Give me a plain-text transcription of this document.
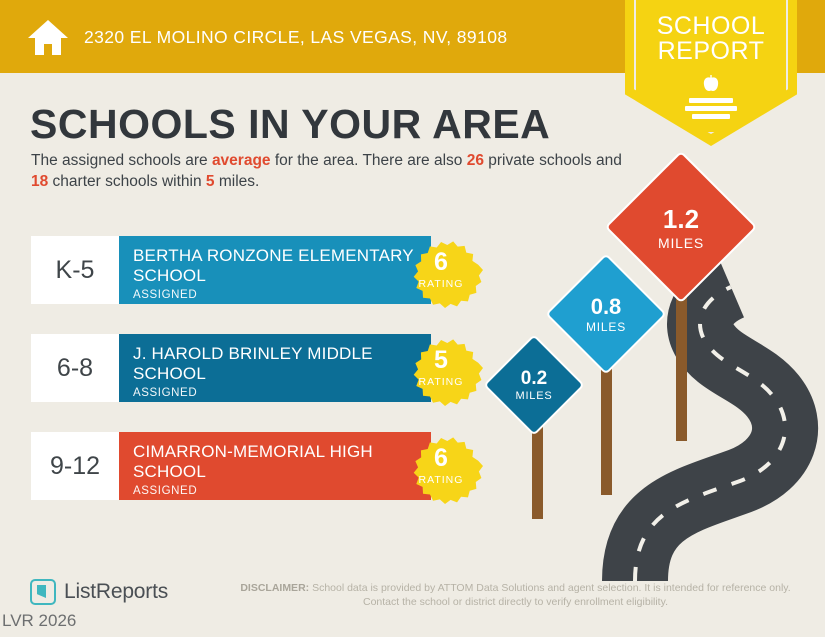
2320 EL MOLINO CIRCLE, LAS VEGAS, NV, 89108	SCHOOL
REPORT
SCHOOLS IN YOUR AREA
The assigned schools are average for the area. There are also 26 private schools and 18 charter schools within 5 miles.
K-5	BERTHA RONZONE ELEMENTARY SCHOOL
ASSIGNED
6
RATING
6-8	J. HAROLD BRINLEY MIDDLE SCHOOL
ASSIGNED
5
RATING
9-12	CIMARRON-MEMORIAL HIGH SCHOOL
ASSIGNED
6
RATING
0.2
MILES
0.8
MILES
1.2
MILES
ListReports
LVR 2026
DISCLAIMER: School data is provided by ATTOM Data Solutions and agent selection. It is intended for reference only. Contact the school or district directly to verify enrollment eligibility.
